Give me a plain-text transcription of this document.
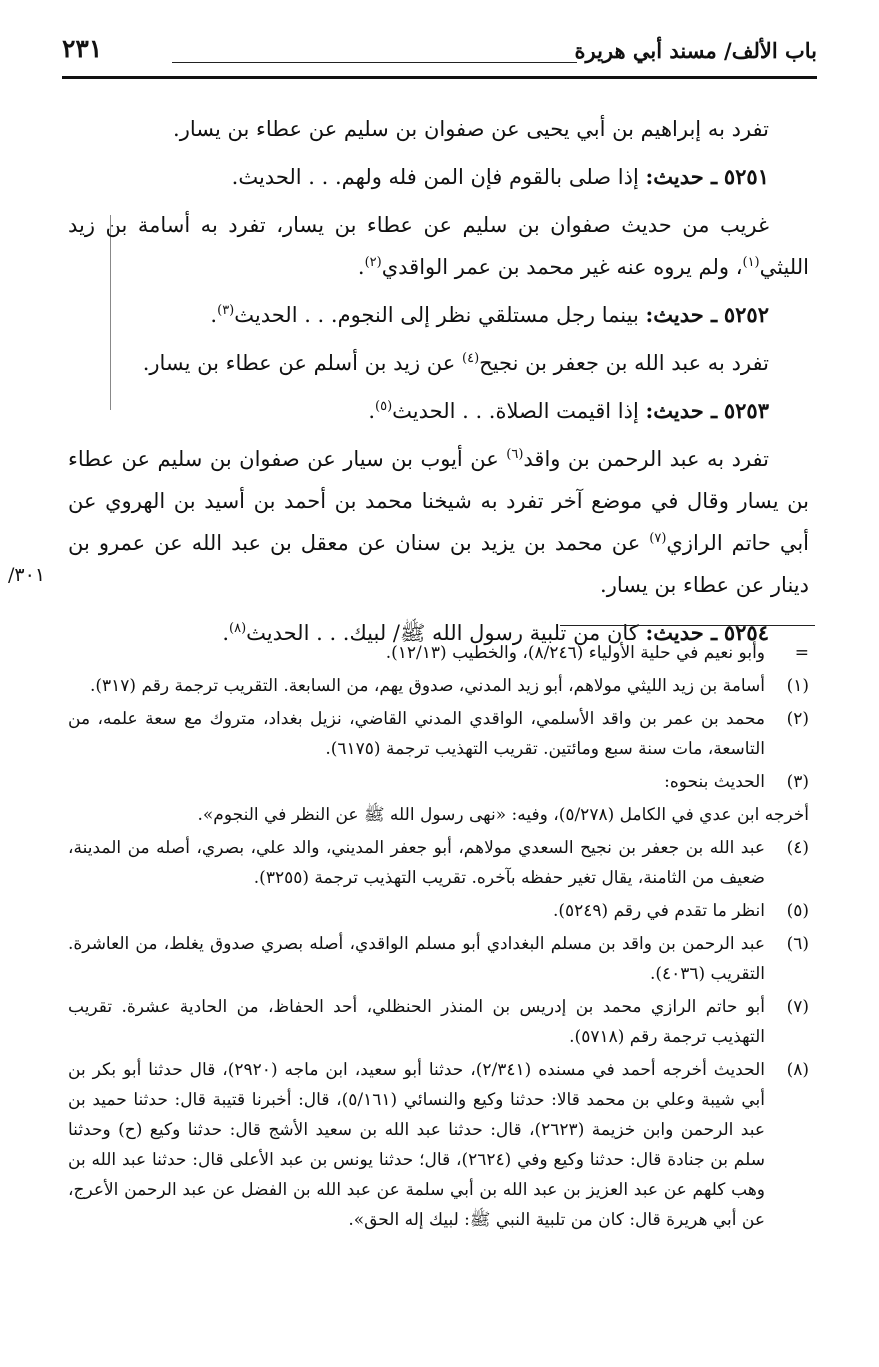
باب الألف/ مسند أبي هريرة
٢٣١

تفرد به إبراهيم بن أبي يحيى عن صفوان بن سليم عن عطاء بن يسار.

٥٢٥١ ـ حديث: إذا صلى بالقوم فإن المن فله ولهم. . . الحديث.

غريب من حديث صفوان بن سليم عن عطاء بن يسار، تفرد به أسامة بن زيد الليثي$^{(١)}$، ولم يروه عنه غير محمد بن عمر الواقدي$^{(٢)}$.

٥٢٥٢ ـ حديث: بينما رجل مستلقي نظر إلى النجوم. . . الحديث$^{(٣)}$.

تفرد به عبد الله بن جعفر بن نجيح$^{(٤)}$ عن زيد بن أسلم عن عطاء بن يسار.

٥٢٥٣ ـ حديث: إذا اقيمت الصلاة. . . الحديث$^{(٥)}$.

تفرد به عبد الرحمن بن واقد$^{(٦)}$ عن أيوب بن سيار عن صفوان بن سليم عن عطاء بن يسار وقال في موضع آخر تفرد به شيخنا محمد بن أحمد بن أسيد بن الهروي عن أبي حاتم الرازي$^{(٧)}$ عن محمد بن يزيد بن سنان عن معقل بن عبد الله عن عمرو بن دينار عن عطاء بن يسار.

٥٢٥٤ ـ حديث: كان من تلبية رسول الله ﷺ/ لبيك. . . الحديث$^{(٨)}$.

٣٠١/
=
وأبو نعيم في حلية الأولياء (٨/٢٤٦)، والخطيب (١٢/١٣).
(١)
أسامة بن زيد الليثي مولاهم، أبو زيد المدني، صدوق يهم، من السابعة. التقريب ترجمة رقم (٣١٧).
(٢)
محمد بن عمر بن واقد الأسلمي، الواقدي المدني القاضي، نزيل بغداد، متروك مع سعة علمه، من التاسعة، مات سنة سبع ومائتين. تقريب التهذيب ترجمة (٦١٧٥).
(٣)
الحديث بنحوه:

أخرجه ابن عدي في الكامل (٥/٢٧٨)، وفيه: «نهى رسول الله ﷺ عن النظر في النجوم».

(٤)
عبد الله بن جعفر بن نجيح السعدي مولاهم، أبو جعفر المديني، والد علي، بصري، أصله من المدينة، ضعيف من الثامنة، يقال تغير حفظه بآخره. تقريب التهذيب ترجمة (٣٢٥٥).
(٥)
انظر ما تقدم في رقم (٥٢٤٩).
(٦)
عبد الرحمن بن واقد بن مسلم البغدادي أبو مسلم الواقدي، أصله بصري صدوق يغلط، من العاشرة. التقريب (٤٠٣٦).
(٧)
أبو حاتم الرازي محمد بن إدريس بن المنذر الحنظلي، أحد الحفاظ، من الحادية عشرة. تقريب التهذيب ترجمة رقم (٥٧١٨).
(٨)
الحديث أخرجه أحمد في مسنده (٢/٣٤١)، حدثنا أبو سعيد، ابن ماجه (٢٩٢٠)، قال حدثنا أبو بكر بن أبي شيبة وعلي بن محمد قالا: حدثنا وكيع والنسائي (٥/١٦١)، قال: أخبرنا قتيبة قال: حدثنا حميد بن عبد الرحمن وابن خزيمة (٢٦٢٣)، قال: حدثنا عبد الله بن سعيد الأشج قال: حدثنا وكيع (ح) وحدثنا سلم بن جنادة قال: حدثنا وكيع وفي (٢٦٢٤)، قال؛ حدثنا يونس بن عبد الأعلى قال: حدثنا عبد الله بن وهب كلهم عن عبد العزيز بن عبد الله بن أبي سلمة عن عبد الله بن الفضل عن عبد الرحمن الأعرج، عن أبي هريرة قال: كان من تلبية النبي ﷺ: لبيك إله الحق».
